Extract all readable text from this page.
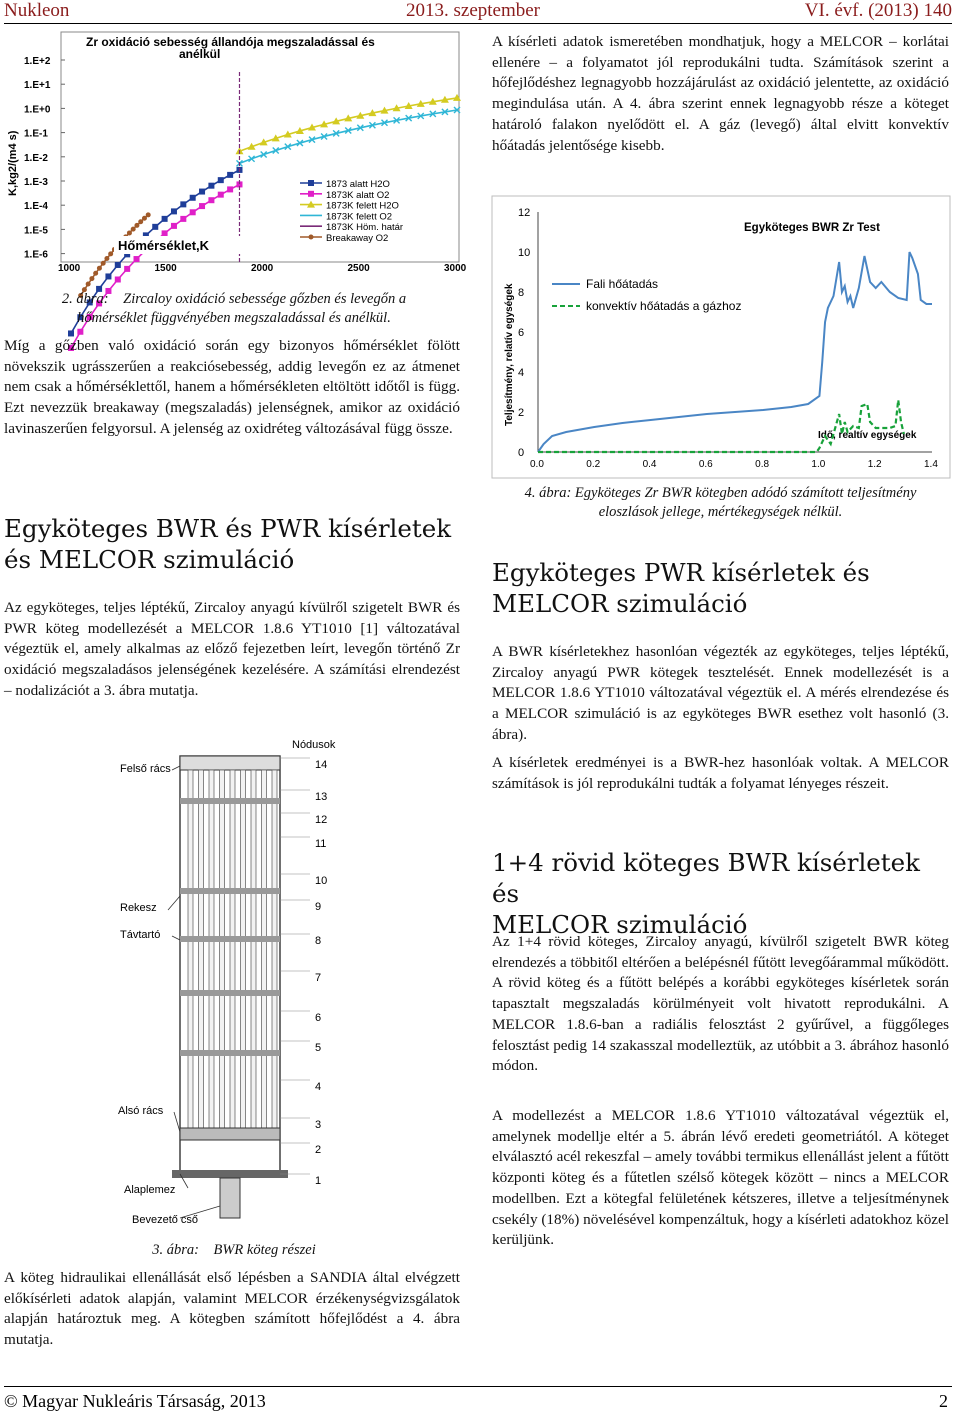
Nukleon	2013. szeptember	VI. évf. (2013) 140
Zr oxidáció sebesség állandója megszaladással és
anélkül
K,kg2/(m4 s)
1.E+2
1.E+1
1.E+0
1.E-1
1.E-2
1.E-3
1.E-4
1.E-5
1.E-6
1000	1500	2000	2500	3000
Hőmérséklet,K
1873 alatt H2O
1873K alatt O2
1873K felett H2O
1873K felett O2
1873K Höm. határ
Breakaway O2
2. ábra: Zircaloy oxidáció sebessége gőzben és levegőn a
hőmérséklet függvényében megszaladással és anélkül.
Míg a gőzben való oxidáció során egy bizonyos hőmérséklet fölött növekszik ugrásszerűen a reakciósebesség, addig levegőn ez az átmenet nem csak a hőmérséklettől, hanem a hőmérsékleten eltöltött időtől is függ. Ezt nevezzük breakaway (megszaladás) jelenségnek, amikor az oxidáció lavinaszerűen felgyorsul. A jelenség az oxidréteg változásával függ össze.
Egyköteges BWR és PWR kísérletek
és MELCOR szimuláció
Az egyköteges, teljes léptékű, Zircaloy anyagú kívülről szigetelt BWR és PWR köteg modellezését a MELCOR 1.8.6 YT1010 [1] változatával végeztük el, amely alkalmas az előző fejezetben leírt, levegőn történő Zr oxidáció megszaladásos jelenségének kezelésére. A számítási elrendezést – nodalizációt a 3. ábra mutatja.
Nódusok
Felső rács
Rekesz
Távtartó
Alsó rács
Alaplemez
Bevezető cső
14
13
12
11
10
9
8
7
6
5
4
3
2
1
3. ábra: BWR köteg részei
A köteg hidraulikai ellenállását első lépésben a SANDIA által elvégzett előkísérleti adatok alapján, valamint MELCOR érzékenységvizsgálatok alapján határoztuk meg. A kötegben számított hőfejlődést a 4. ábra mutatja.
A kísérleti adatok ismeretében mondhatjuk, hogy a MELCOR – korlátai ellenére – a folyamatot jól reprodukálni tudta. Számítások szerint a hőfejlődéshez legnagyobb hozzájárulást az oxidáció jelentette, az oxidáció megindulása után. A 4. ábra szerint ennek legnagyobb része a köteget határoló falakon nyelődött el. A gáz (levegő) által elvitt konvektív hőátadás jelentősége kisebb.
Egyköteges BWR Zr Test
Teljesítmény, relatív egységek
Idő, realtív egységek
12
10
8
6
4
2
0
0.0	0.2	0.4	0.6	0.8	1.0	1.2	1.4
Fali hőátadás
konvektív hőátadás a gázhoz
4. ábra: Egyköteges Zr BWR kötegben adódó számított teljesítmény
eloszlások jellege, mértékegységek nélkül.
Egyköteges PWR kísérletek és
MELCOR szimuláció
A BWR kísérletekhez hasonlóan végezték az egyköteges, teljes léptékű, Zircaloy anyagú PWR kötegek tesztelését. Ennek modellezését is a MELCOR 1.8.6 YT1010 változatával végeztük el. A mérés elrendezése és a MELCOR szimuláció is az egyköteges BWR esethez volt hasonló (3. ábra).
A kísérletek eredményei is a BWR-hez hasonlóak voltak. A MELCOR számítások is jól reprodukálni tudták a folyamat lényeges részeit.
1+4 rövid köteges BWR kísérletek és
MELCOR szimuláció
Az 1+4 rövid köteges, Zircaloy anyagú, kívülről szigetelt BWR köteg elrendezés a többitől eltérően a belépésnél fűtött levegőárammal működött. A rövid köteg és a fűtött belépés a korábbi egyköteges kísérletek során tapasztalt megszaladás körülményeit volt hivatott reprodukálni. A MELCOR 1.8.6-ban a radiális felosztást 2 gyűrűvel, a függőleges felosztást pedig 14 szakasszal modelleztük, az utóbbit a 3. ábrához hasonló módon.
A modellezést a MELCOR 1.8.6 YT1010 változatával végeztük el, amelynek modellje eltér a 5. ábrán lévő eredeti geometriától. A köteget elválasztó acél rekeszfal – amely további termikus ellenállást jelent a fűtött központi köteg és a fűtetlen szélső kötegek között – nincs a MELCOR modellben. Ezt a kötegfal felületének kétszeres, illetve a teljesítménynek csekély (18%) növelésével kompenzáltuk, hogy a kísérleti adatokhoz közel kerüljünk.
© Magyar Nukleáris Társaság, 2013	2
